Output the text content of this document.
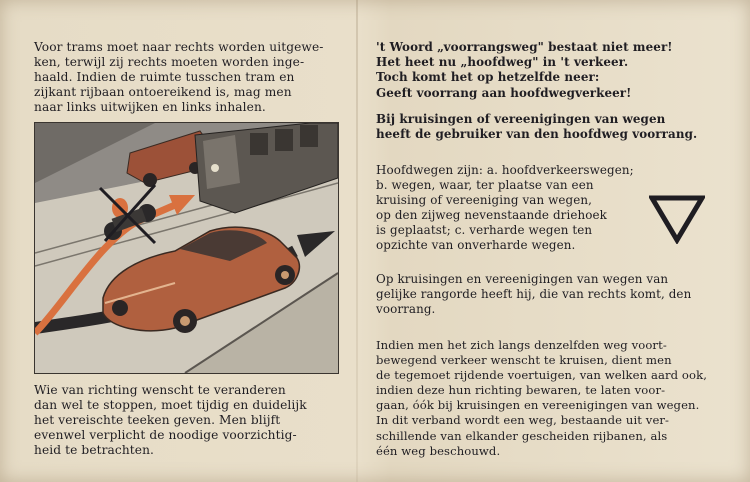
Voor trams moet naar rechts worden uitgewe-
ken, terwijl zij rechts moeten worden inge-
haald. Indien de ruimte tusschen tram en
zijkant rijbaan ontoereikend is, mag men
naar links uitwijken en links inhalen.

Wie van richting wenscht te veranderen
dan wel te stoppen, moet tijdig en duidelijk
het vereischte teeken geven. Men blijft
evenwel verplicht de noodige voorzichtig-
heid te betrachten.

't Woord „voorrangsweg" bestaat niet meer!
Het heet nu „hoofdweg" in 't verkeer.
Toch komt het op hetzelfde neer:
Geeft voorrang aan hoofdwegverkeer!

Bij kruisingen of vereenigingen van wegen
heeft de gebruiker van den hoofdweg voorrang.

Hoofdwegen zijn: a. hoofdverkeerswegen;
b. wegen, waar, ter plaatse van een
kruising of vereeniging van wegen,
op den zijweg nevenstaande driehoek
is geplaatst; c. verharde wegen ten
opzichte van onverharde wegen.

Op kruisingen en vereenigingen van wegen van
gelijke rangorde heeft hij, die van rechts komt, den
voorrang.

Indien men het zich langs denzelfden weg voort-
bewegend verkeer wenscht te kruisen, dient men
de tegemoet rijdende voertuigen, van welken aard ook,
indien deze hun richting bewaren, te laten voor-
gaan, óók bij kruisingen en vereenigingen van wegen.
In dit verband wordt een weg, bestaande uit ver-
schillende van elkander gescheiden rijbanen, als
één weg beschouwd.
